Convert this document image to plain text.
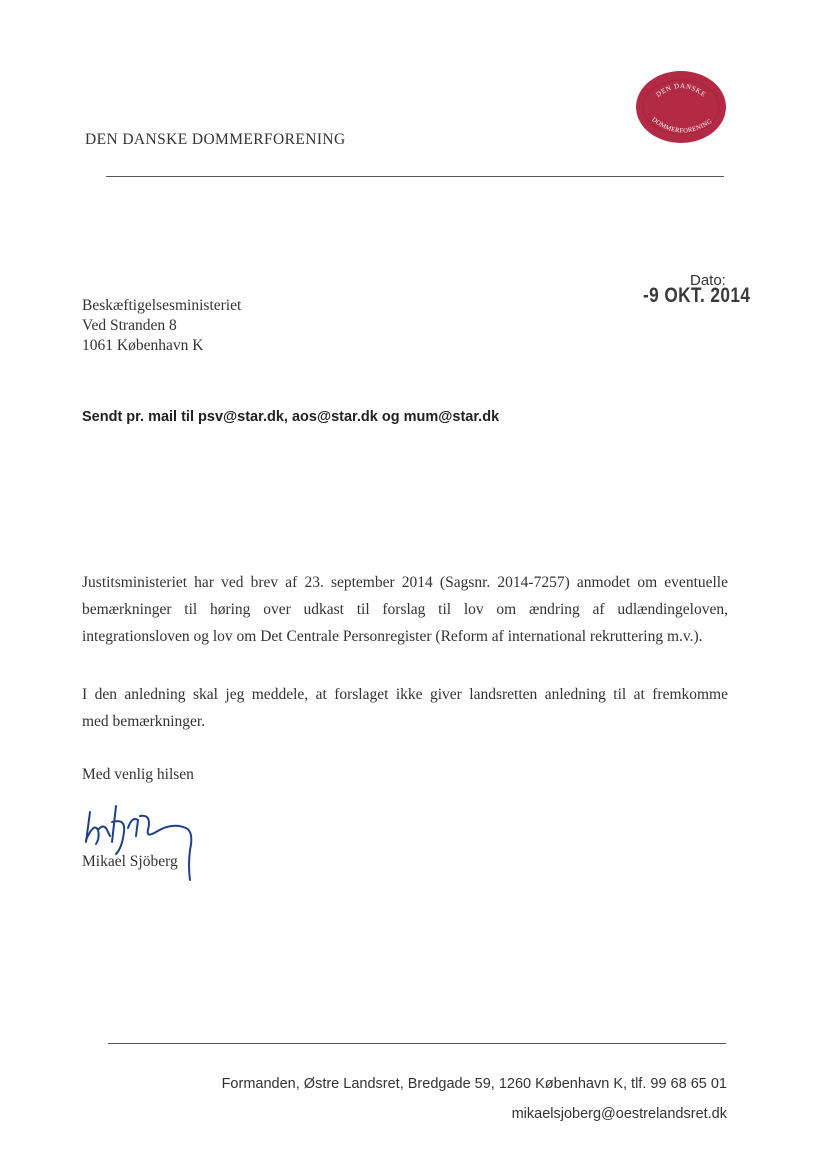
DEN DANSKE DOMMERFORENING
DEN DANSKE
DOMMERFORENING
Dato:
-9 OKT. 2014
Beskæftigelsesministeriet
Ved Stranden 8
1061 København K
Sendt pr. mail til psv@star.dk, aos@star.dk og mum@star.dk
Justitsministeriet har ved brev af 23. september 2014 (Sagsnr. 2014-7257) anmodet om eventuelle
bemærkninger til høring over udkast til forslag til lov om ændring af udlændingeloven,
integrationsloven og lov om Det Centrale Personregister (Reform af international rekruttering m.v.).
I den anledning skal jeg meddele, at forslaget ikke giver landsretten anledning til at fremkomme
med bemærkninger.
Med venlig hilsen
Mikael Sjöberg
Formanden, Østre Landsret, Bredgade 59, 1260 København K, tlf. 99 68 65 01
mikaelsjoberg@oestrelandsret.dk
